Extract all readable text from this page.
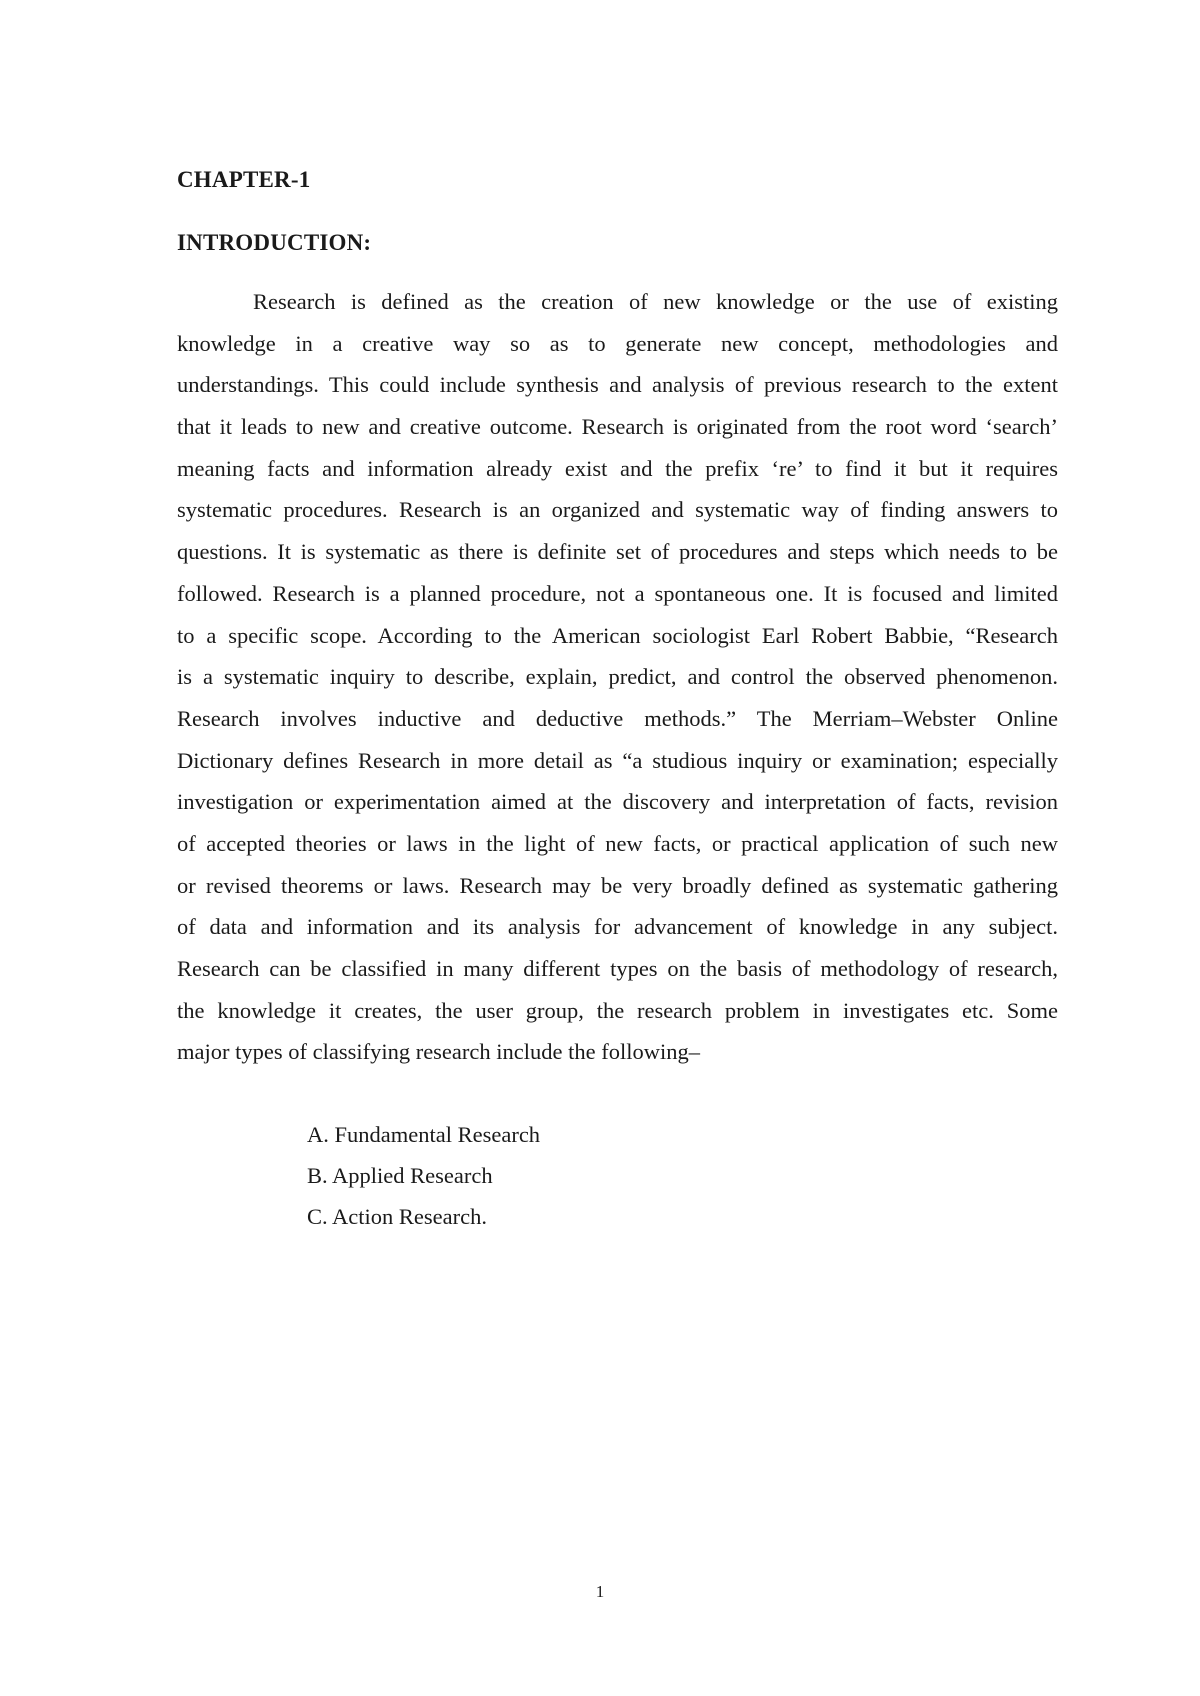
CHAPTER-1
INTRODUCTION:

Research is defined as the creation of new knowledge or the use of existing
knowledge in a creative way so as to generate new concept, methodologies and
understandings. This could include synthesis and analysis of previous research to the extent
that it leads to new and creative outcome. Research is originated from the root word ‘search’
meaning facts and information already exist and the prefix ‘re’ to find it but it requires
systematic procedures. Research is an organized and systematic way of finding answers to
questions. It is systematic as there is definite set of procedures and steps which needs to be
followed. Research is a planned procedure, not a spontaneous one. It is focused and limited
to a specific scope. According to the American sociologist Earl Robert Babbie, “Research
is a systematic inquiry to describe, explain, predict, and control the observed phenomenon.
Research involves inductive and deductive methods.” The Merriam–Webster Online
Dictionary defines Research in more detail as “a studious inquiry or examination; especially
investigation or experimentation aimed at the discovery and interpretation of facts, revision
of accepted theories or laws in the light of new facts, or practical application of such new
or revised theorems or laws. Research may be very broadly defined as systematic gathering
of data and information and its analysis for advancement of knowledge in any subject.
Research can be classified in many different types on the basis of methodology of research,
the knowledge it creates, the user group, the research problem in investigates etc. Some
major types of classifying research include the following–

A. Fundamental Research
B. Applied Research
C. Action Research.
1
